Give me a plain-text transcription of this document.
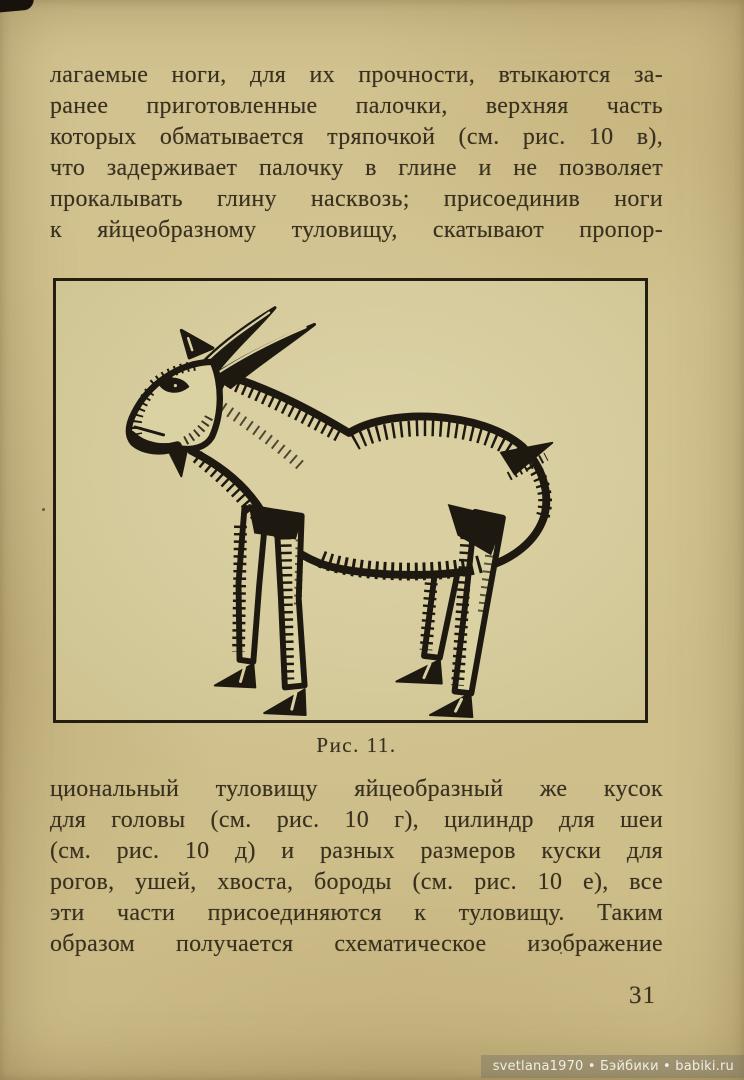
лагаемые ноги, для их прочности, втыкаются за-
ранее приготовленные палочки, верхняя часть
которых обматывается тряпочкой (см. рис. 10 в),
что задерживает палочку в глине и не позволяет
прокалывать глину насквозь; присоединив ноги
к яйцеобразному туловищу, скатывают пропор-
Рис. 11.
циональный туловищу яйцеобразный же кусок
для головы (см. рис. 10 г), цилиндр для шеи
(см. рис. 10 д) и разных размеров куски для
рогов, ушей, хвоста, бороды (см. рис. 10 е), все
эти части присоединяются к туловищу. Таким
образом получается схематическое изображение
31
svetlana1970 • Бэйбики • babiki.ru
